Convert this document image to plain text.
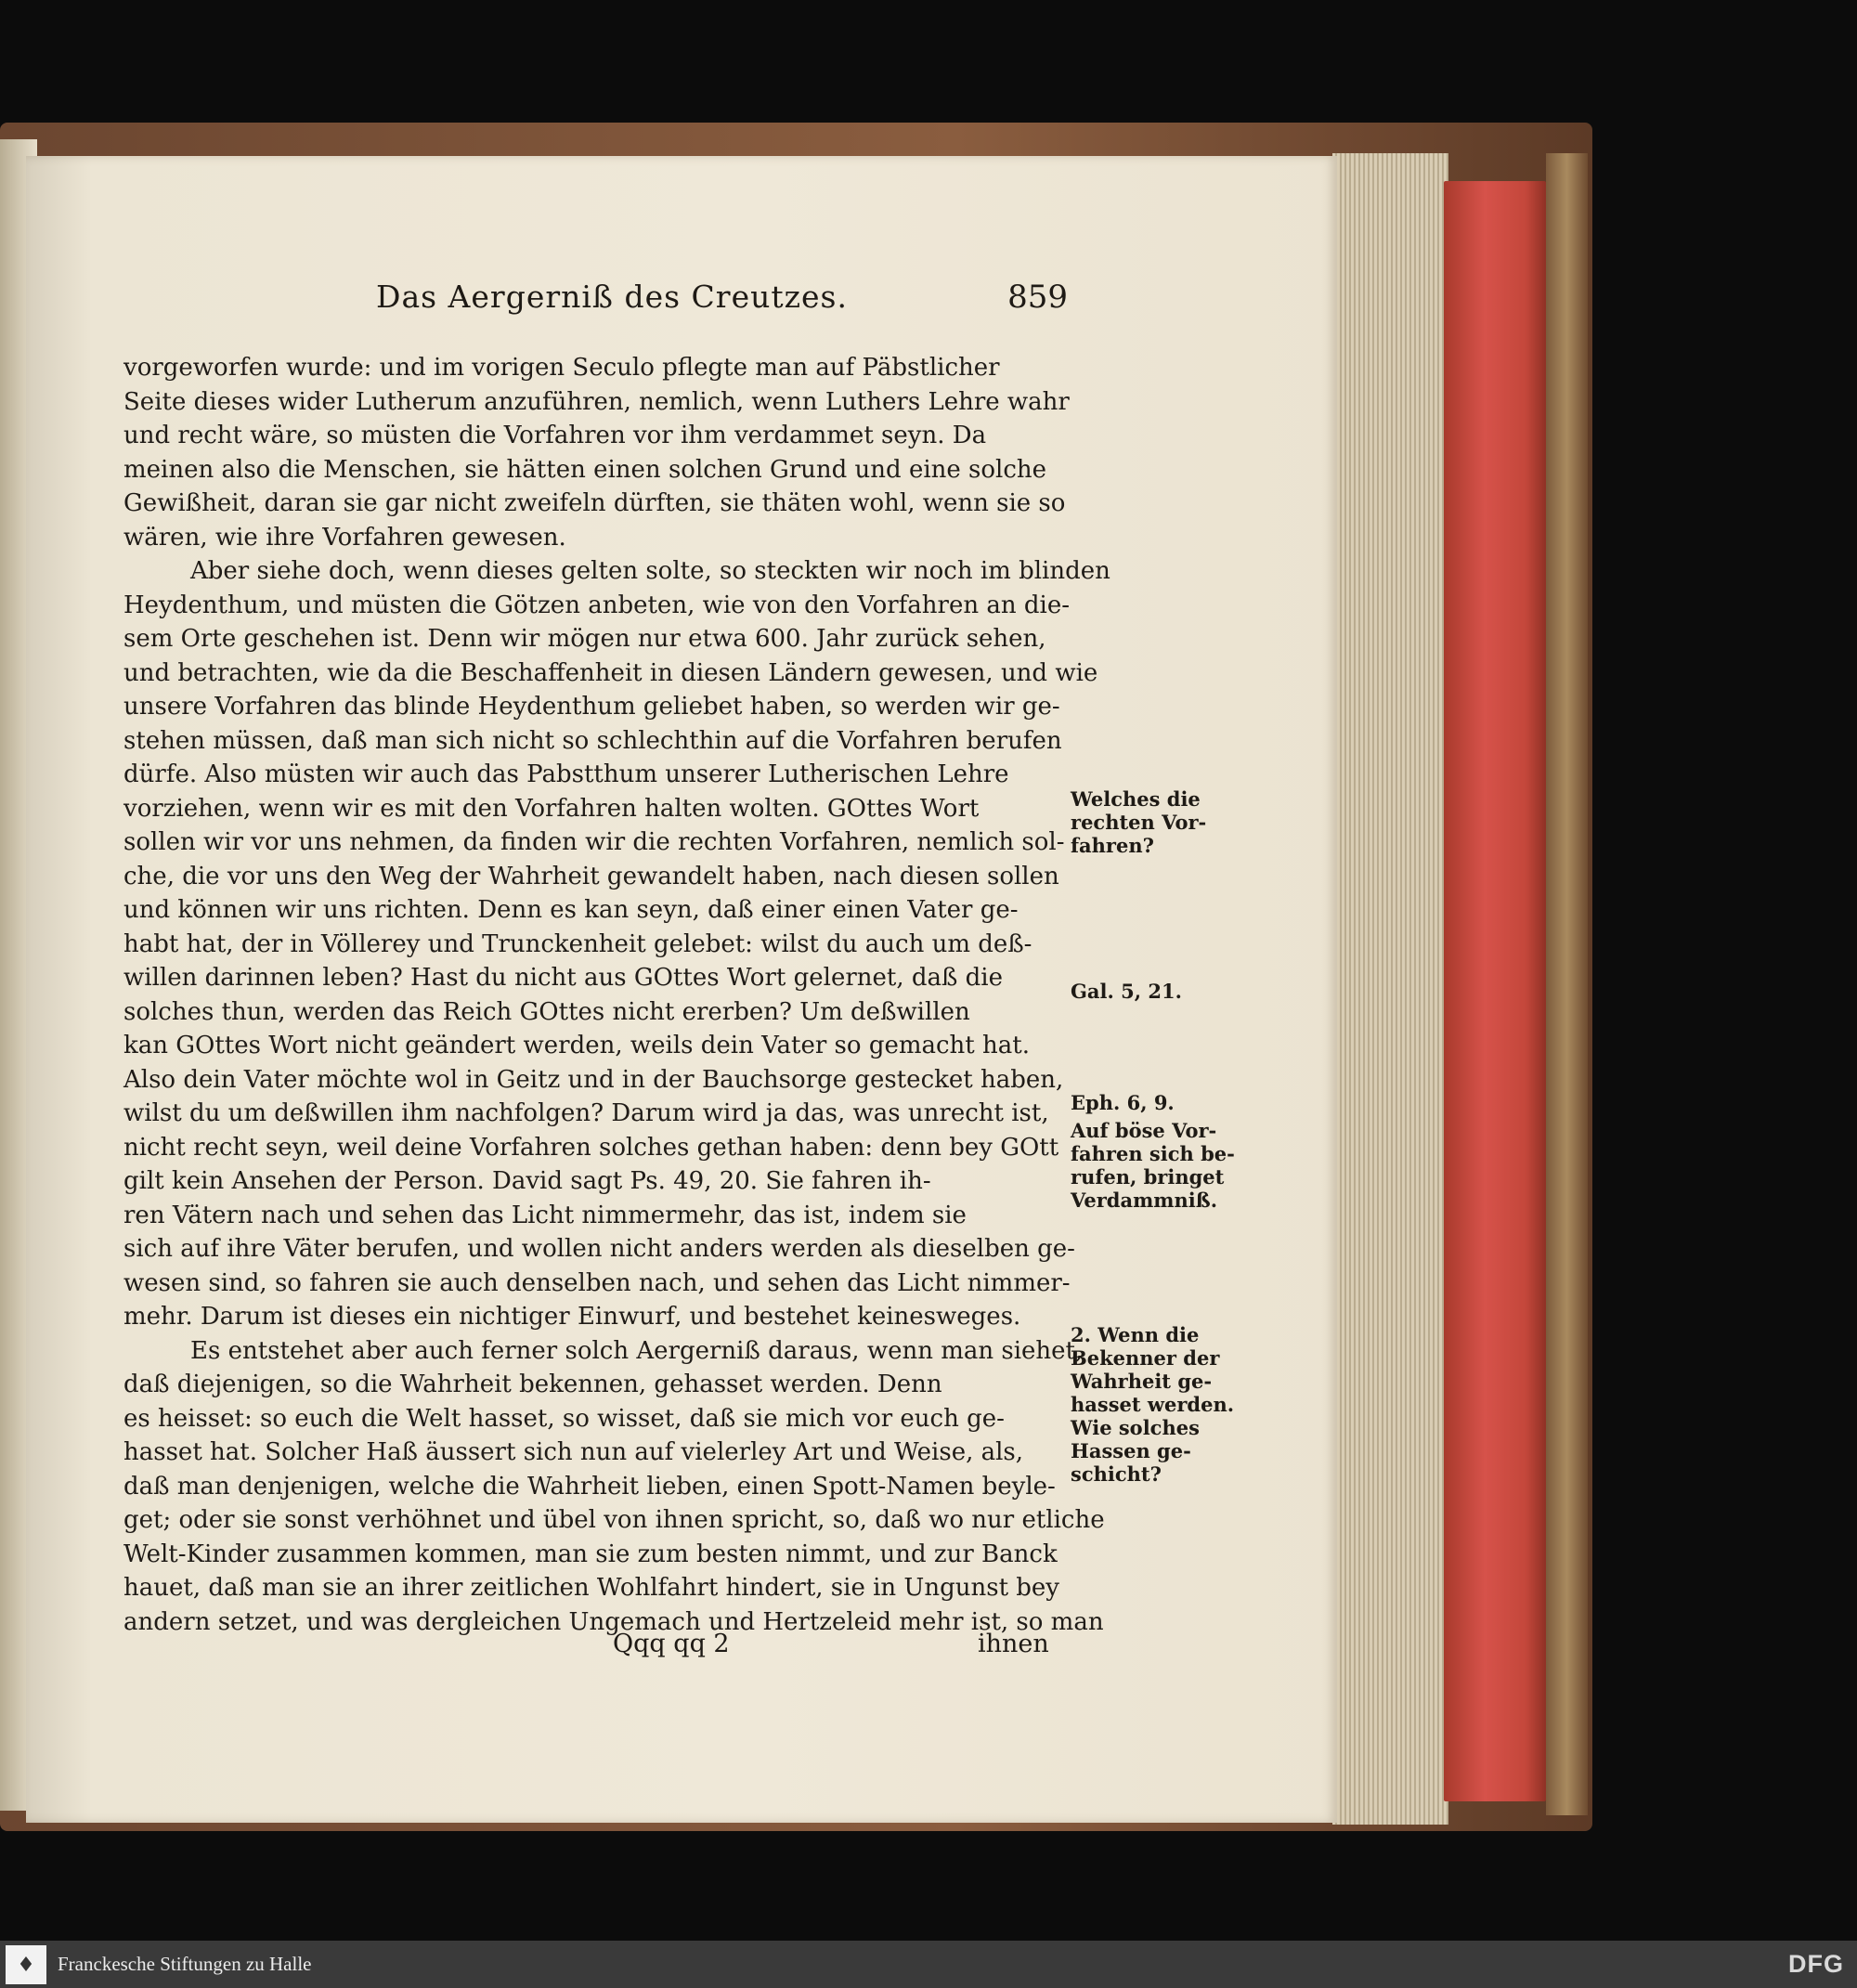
Das Aergerniß des Creutzes.	859
vorgeworfen wurde: und im vorigen Seculo pflegte man auf Päbstlicher
Seite dieses wider Lutherum anzuführen, nemlich, wenn Luthers Lehre wahr
und recht wäre, so müsten die Vorfahren vor ihm verdammet seyn. Da
meinen also die Menschen, sie hätten einen solchen Grund und eine solche
Gewißheit, daran sie gar nicht zweifeln dürften, sie thäten wohl, wenn sie so
wären, wie ihre Vorfahren gewesen.
Aber siehe doch, wenn dieses gelten solte, so steckten wir noch im blinden
Heydenthum, und müsten die Götzen anbeten, wie von den Vorfahren an die-
sem Orte geschehen ist. Denn wir mögen nur etwa 600. Jahr zurück sehen,
und betrachten, wie da die Beschaffenheit in diesen Ländern gewesen, und wie
unsere Vorfahren das blinde Heydenthum geliebet haben, so werden wir ge-
stehen müssen, daß man sich nicht so schlechthin auf die Vorfahren berufen
dürfe. Also müsten wir auch das Pabstthum unserer Lutherischen Lehre
vorziehen, wenn wir es mit den Vorfahren halten wolten. GOttes Wort
sollen wir vor uns nehmen, da finden wir die rechten Vorfahren, nemlich sol-
che, die vor uns den Weg der Wahrheit gewandelt haben, nach diesen sollen
und können wir uns richten. Denn es kan seyn, daß einer einen Vater ge-
habt hat, der in Völlerey und Trunckenheit gelebet: wilst du auch um deß-
willen darinnen leben? Hast du nicht aus GOttes Wort gelernet, daß die
solches thun, werden das Reich GOttes nicht ererben? Um deßwillen
kan GOttes Wort nicht geändert werden, weils dein Vater so gemacht hat.
Also dein Vater möchte wol in Geitz und in der Bauchsorge gestecket haben,
wilst du um deßwillen ihm nachfolgen? Darum wird ja das, was unrecht ist,
nicht recht seyn, weil deine Vorfahren solches gethan haben: denn bey GOtt
gilt kein Ansehen der Person. David sagt Ps. 49, 20. Sie fahren ih-
ren Vätern nach und sehen das Licht nimmermehr, das ist, indem sie
sich auf ihre Väter berufen, und wollen nicht anders werden als dieselben ge-
wesen sind, so fahren sie auch denselben nach, und sehen das Licht nimmer-
mehr. Darum ist dieses ein nichtiger Einwurf, und bestehet keinesweges.
Es entstehet aber auch ferner solch Aergerniß daraus, wenn man siehet,
daß diejenigen, so die Wahrheit bekennen, gehasset werden. Denn
es heisset: so euch die Welt hasset, so wisset, daß sie mich vor euch ge-
hasset hat. Solcher Haß äussert sich nun auf vielerley Art und Weise, als,
daß man denjenigen, welche die Wahrheit lieben, einen Spott-Namen beyle-
get; oder sie sonst verhöhnet und übel von ihnen spricht, so, daß wo nur etliche
Welt-Kinder zusammen kommen, man sie zum besten nimmt, und zur Banck
hauet, daß man sie an ihrer zeitlichen Wohlfahrt hindert, sie in Ungunst bey
andern setzet, und was dergleichen Ungemach und Hertzeleid mehr ist, so man
Welches die
rechten Vor-
fahren?
Gal. 5, 21.
Eph. 6, 9.
Auf böse Vor-
fahren sich be-
rufen, bringet
Verdammniß.
2. Wenn die
Bekenner der
Wahrheit ge-
hasset werden.
Wie solches
Hassen ge-
schicht?
Qqq qq 2	ihnen
♦	Franckesche Stiftungen zu Halle	DFG
